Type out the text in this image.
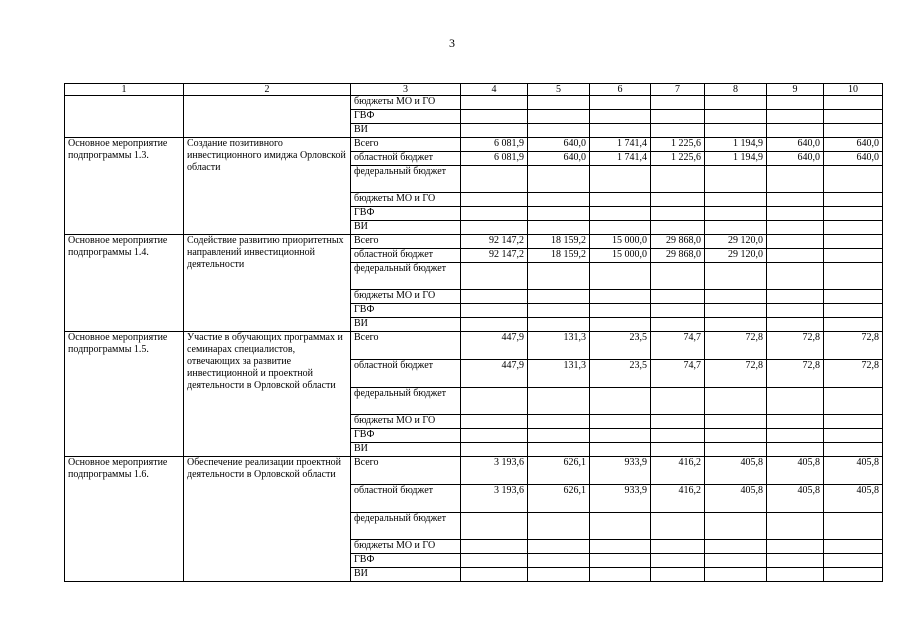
3
1	2	3	4	5	6	7	8	9	10
		бюджеты МО и ГО							
		ГВФ							
		ВИ							
Основное мероприятие подпрограммы 1.3.	Создание позитивного инвестиционного имиджа Орловской области	Всего	6 081,9	640,0	1 741,4	1 225,6	1 194,9	640,0	640,0
		областной бюджет	6 081,9	640,0	1 741,4	1 225,6	1 194,9	640,0	640,0
		федеральный бюджет							
		бюджеты МО и ГО							
		ГВФ							
		ВИ							
Основное мероприятие подпрограммы 1.4.	Содействие развитию приоритетных направлений инвестиционной деятельности	Всего	92 147,2	18 159,2	15 000,0	29 868,0	29 120,0		
		областной бюджет	92 147,2	18 159,2	15 000,0	29 868,0	29 120,0		
		федеральный бюджет							
		бюджеты МО и ГО							
		ГВФ							
		ВИ							
Основное мероприятие подпрограммы 1.5.	Участие в обучающих программах и семинарах специалистов, отвечающих за развитие инвестиционной и проектной деятельности в Орловской области	Всего	447,9	131,3	23,5	74,7	72,8	72,8	72,8
		областной бюджет	447,9	131,3	23,5	74,7	72,8	72,8	72,8
		федеральный бюджет							
		бюджеты МО и ГО							
		ГВФ							
		ВИ							
Основное мероприятие подпрограммы 1.6.	Обеспечение реализации проектной деятельности в Орловской области	Всего	3 193,6	626,1	933,9	416,2	405,8	405,8	405,8
		областной бюджет	3 193,6	626,1	933,9	416,2	405,8	405,8	405,8
		федеральный бюджет							
		бюджеты МО и ГО							
		ГВФ							
		ВИ							
